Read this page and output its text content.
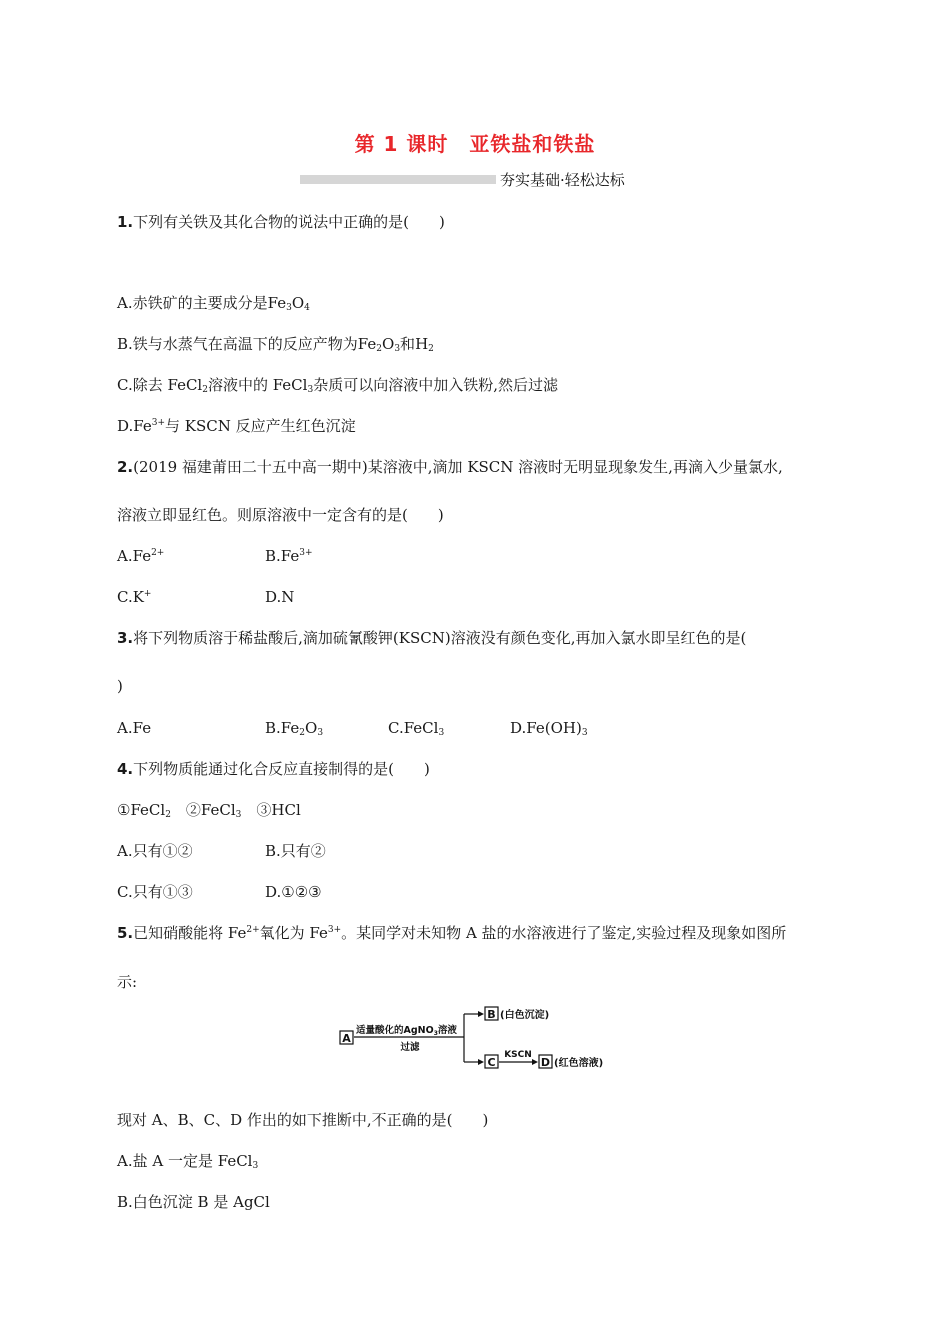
第 1 课时　亚铁盐和铁盐
夯实基础·轻松达标
1.下列有关铁及其化合物的说法中正确的是(　　)
A.赤铁矿的主要成分是$Fe_3O_4$
B.铁与水蒸气在高温下的反应产物为$Fe_2O_3$和$H_2$
C.除去 FeCl$_2$溶液中的 FeCl$_3$杂质可以向溶液中加入铁粉,然后过滤
$D.Fe^{3+}$与 KSCN 反应产生红色沉淀
2.(2019 福建莆田二十五中高一期中)某溶液中,滴加 KSCN 溶液时无明显现象发生,再滴入少量氯水,
溶液立即显红色。则原溶液中一定含有的是(　　)
$A.Fe^{2+}$	$B.Fe^{3+}$
C.K+	D.N
3.将下列物质溶于稀盐酸后,滴加硫氰酸钾(KSCN)溶液没有颜色变化,再加入氯水即呈红色的是(
)
A.Fe	$B.Fe_2O_3$	C.FeCl$_3$	$D.Fe(OH)_3$
4.下列物质能通过化合反应直接制得的是(　　)
①FeCl$_2$　②FeCl$_3$　③HCl
A.只有①②	B.只有②
C.只有①③	D.①②③
5.已知硝酸能将 $Fe^{2+}$氧化为 $Fe^{3+}$。某同学对未知物 A 盐的水溶液进行了鉴定,实验过程及现象如图所
示:
A
适量酸化的AgNO$_3$溶液
过滤
B (白色沉淀)
C
KSCN
D (红色溶液)
现对 A、B、C、D 作出的如下推断中,不正确的是(　　)
A.盐 A 一定是 FeCl$_3$
B.白色沉淀 B 是 AgCl
